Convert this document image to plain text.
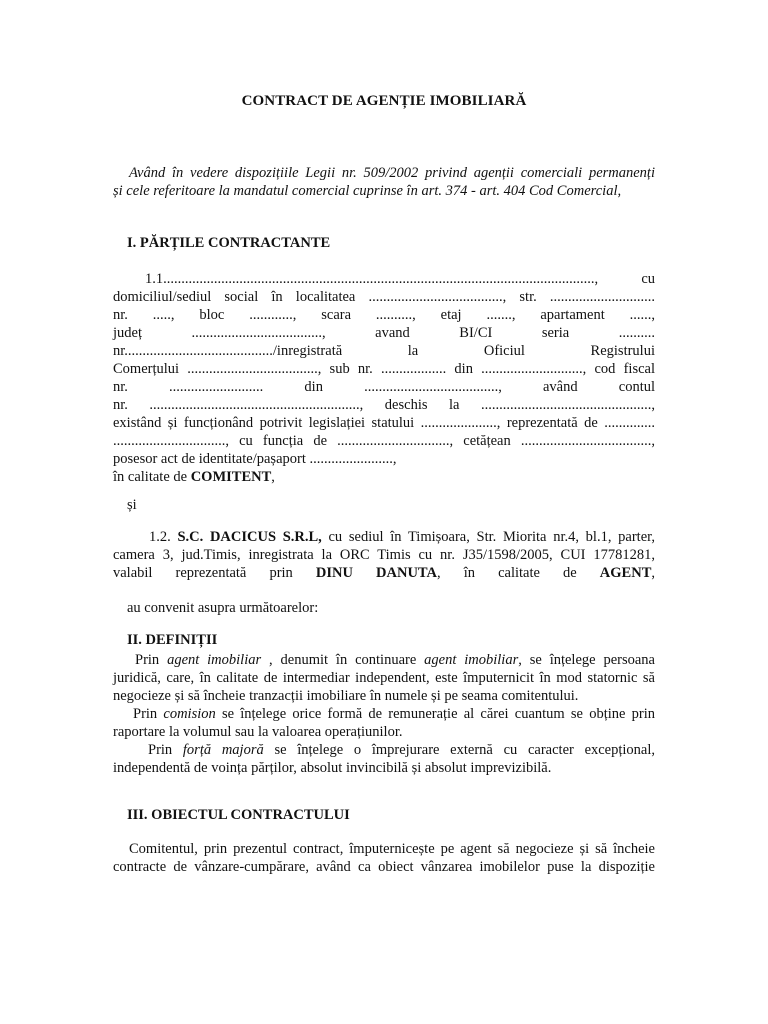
CONTRACT DE AGENȚIE IMOBILIARĂ
Având în vedere dispozițiile Legii nr. 509/2002 privind agenții comerciali permanenți
și cele referitoare la mandatul comercial cuprinse în art. 374 - art. 404 Cod Comercial,
I. PĂRȚILE CONTRACTANTE
1.1......................................................................................................................., cu
domiciliul/sediul social în localitatea ....................................., str. .............................
nr. ....., bloc ............, scara .........., etaj ......., apartament ......,
județ ...................................., avand BI/CI seria ..........
nr........................................./inregistrată la Oficiul Registrului
Comerțului ...................................., sub nr. .................. din ............................, cod fiscal
nr. .......................... din ....................................., având contul
nr. .........................................................., deschis la ...............................................,
existând și funcționând potrivit legislației statului ....................., reprezentată de ..............
..............................., cu funcția de ..............................., cetățean ....................................,
posesor act de identitate/pașaport .......................,
în calitate de COMITENT,
și
1.2. S.C. DACICUS S.R.L, cu sediul în Timișoara, Str. Miorita nr.4, bl.1, parter,
camera 3, jud.Timis, inregistrata la ORC Timis cu nr. J35/1598/2005, CUI 17781281,
valabil reprezentată prin DINU DANUTA, în calitate de AGENT,
au convenit asupra următoarelor:
II. DEFINIȚII
Prin agent imobiliar , denumit în continuare agent imobiliar, se înțelege persoana
juridică, care, în calitate de intermediar independent, este împuternicit în mod statornic să
negocieze și să încheie tranzacții imobiliare în numele și pe seama comitentului.
Prin comision se înțelege orice formă de remunerație al cărei cuantum se obține prin
raportare la volumul sau la valoarea operațiunilor.
Prin forță majoră se înțelege o împrejurare externă cu caracter excepțional,
independentă de voința părților, absolut invincibilă și absolut imprevizibilă.
III. OBIECTUL CONTRACTULUI
Comitentul, prin prezentul contract, împuternicește pe agent să negocieze și să încheie
contracte de vânzare-cumpărare, având ca obiect vânzarea imobilelor puse la dispoziție
